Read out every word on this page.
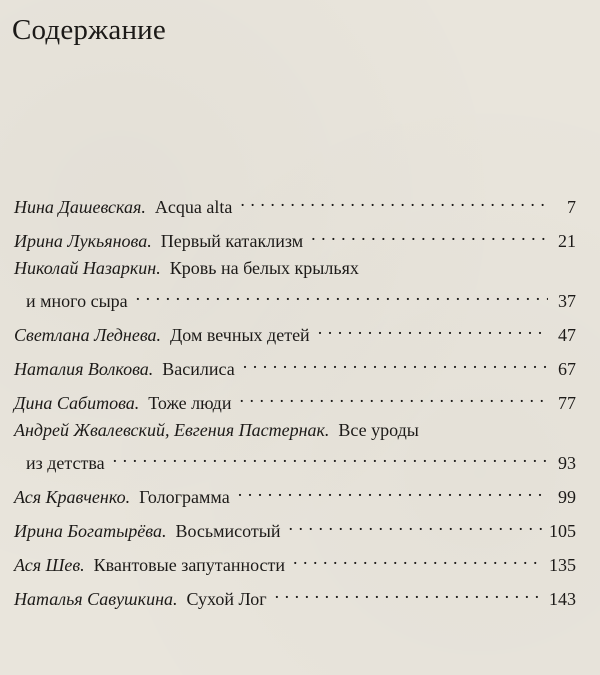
Содержание
Нина Дашевская. Acqua alta . . .	7
Ирина Лукьянова. Первый катаклизм . . .	21
Николай Назаркин. Кровь на белых крыльях
и много сыра . . .	37
Светлана Леднева. Дом вечных детей . . .	47
Наталия Волкова. Василиса . . .	67
Дина Сабитова. Тоже люди . . .	77
Андрей Жвалевский, Евгения Пастернак. Все уроды
из детства . . .	93
Ася Кравченко. Голограмма . . .	99
Ирина Богатырёва. Восьмисотый . . .	105
Ася Шев. Квантовые запутанности . . .	135
Наталья Савушкина. Сухой Лог . . .	143
